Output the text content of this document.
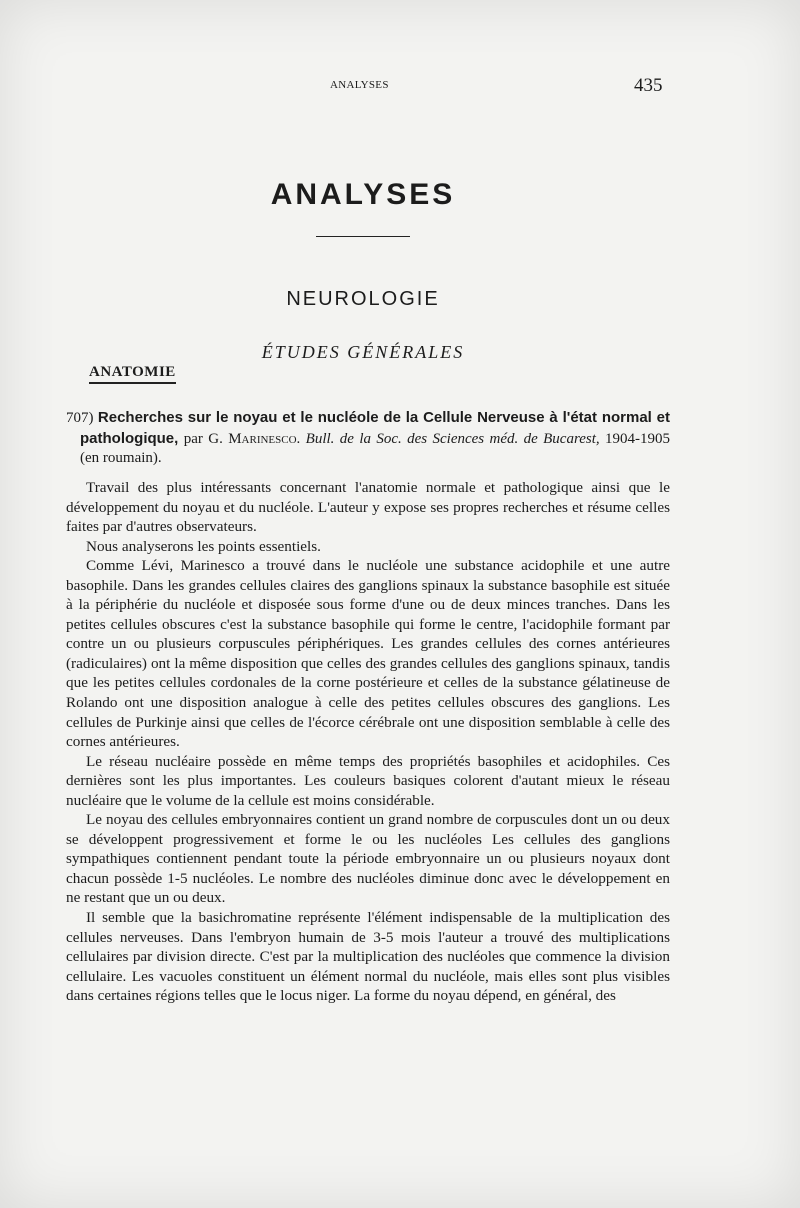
ANALYSES	435
ANALYSES
NEUROLOGIE
ÉTUDES GÉNÉRALES
ANATOMIE
707) Recherches sur le noyau et le nucléole de la Cellule Nerveuse à l'état normal et pathologique, par G. Marinesco. Bull. de la Soc. des Sciences méd. de Bucarest, 1904-1905 (en roumain).

Travail des plus intéressants concernant l'anatomie normale et pathologique ainsi que le développement du noyau et du nucléole. L'auteur y expose ses propres recherches et résume celles faites par d'autres observateurs.

Nous analyserons les points essentiels.

Comme Lévi, Marinesco a trouvé dans le nucléole une substance acidophile et une autre basophile. Dans les grandes cellules claires des ganglions spinaux la substance basophile est située à la périphérie du nucléole et disposée sous forme d'une ou de deux minces tranches. Dans les petites cellules obscures c'est la substance basophile qui forme le centre, l'acidophile formant par contre un ou plusieurs corpuscules périphériques. Les grandes cellules des cornes antérieures (radiculaires) ont la même disposition que celles des grandes cellules des ganglions spinaux, tandis que les petites cellules cordonales de la corne postérieure et celles de la substance gélatineuse de Rolando ont une disposition analogue à celle des petites cellules obscures des ganglions. Les cellules de Purkinje ainsi que celles de l'écorce cérébrale ont une disposition semblable à celle des cornes antérieures.

Le réseau nucléaire possède en même temps des propriétés basophiles et acidophiles. Ces dernières sont les plus importantes. Les couleurs basiques colorent d'autant mieux le réseau nucléaire que le volume de la cellule est moins considérable.

Le noyau des cellules embryonnaires contient un grand nombre de corpuscules dont un ou deux se développent progressivement et forme le ou les nucléoles Les cellules des ganglions sympathiques contiennent pendant toute la période embryonnaire un ou plusieurs noyaux dont chacun possède 1-5 nucléoles. Le nombre des nucléoles diminue donc avec le développement en ne restant que un ou deux.

Il semble que la basichromatine représente l'élément indispensable de la multiplication des cellules nerveuses. Dans l'embryon humain de 3-5 mois l'auteur a trouvé des multiplications cellulaires par division directe. C'est par la multiplication des nucléoles que commence la division cellulaire. Les vacuoles constituent un élément normal du nucléole, mais elles sont plus visibles dans certaines régions telles que le locus niger. La forme du noyau dépend, en général, des
